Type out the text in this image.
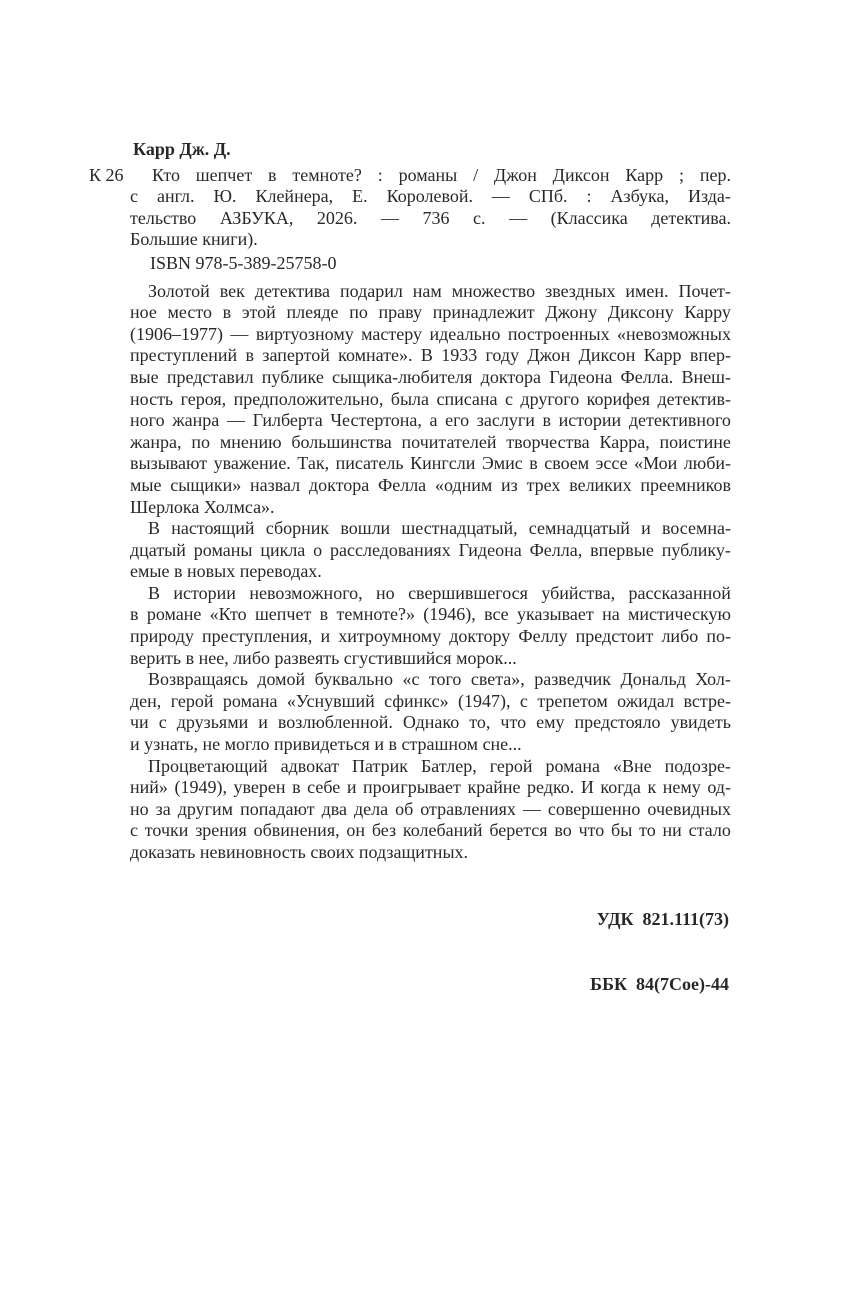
Карр Дж. Д.
К 26 Кто шепчет в темноте? : романы / Джон Диксон Карр ; пер.
с англ. Ю. Клейнера, Е. Королевой. — СПб. : Азбука, Изда-
тельство АЗБУКА, 2026. — 736 с. — (Классика детектива.
Большие книги).
ISBN 978-5-389-25758-0
Золотой век детектива подарил нам множество звездных имен. Почет-
ное место в этой плеяде по праву принадлежит Джону Диксону Карру
(1906–1977) — виртуозному мастеру идеально построенных «невозможных
преступлений в запертой комнате». В 1933 году Джон Диксон Карр впер-
вые представил публике сыщика-любителя доктора Гидеона Фелла. Внеш-
ность героя, предположительно, была списана с другого корифея детектив-
ного жанра — Гилберта Честертона, а его заслуги в истории детективного
жанра, по мнению большинства почитателей творчества Карра, поистине
вызывают уважение. Так, писатель Кингсли Эмис в своем эссе «Мои люби-
мые сыщики» назвал доктора Фелла «одним из трех великих преемников
Шерлока Холмса».
В настоящий сборник вошли шестнадцатый, семнадцатый и восемна-
дцатый романы цикла о расследованиях Гидеона Фелла, впервые публику-
емые в новых переводах.
В истории невозможного, но свершившегося убийства, рассказанной
в романе «Кто шепчет в темноте?» (1946), все указывает на мистическую
природу преступления, и хитроумному доктору Феллу предстоит либо по-
верить в нее, либо развеять сгустившийся морок...
Возвращаясь домой буквально «с того света», разведчик Дональд Хол-
ден, герой романа «Уснувший сфинкс» (1947), с трепетом ожидал встре-
чи с друзьями и возлюбленной. Однако то, что ему предстояло увидеть
и узнать, не могло привидеться и в страшном сне...
Процветающий адвокат Патрик Батлер, герой романа «Вне подозре-
ний» (1949), уверен в себе и проигрывает крайне редко. И когда к нему од-
но за другим попадают два дела об отравлениях — совершенно очевидных
с точки зрения обвинения, он без колебаний берется во что бы то ни стало
доказать невиновность своих подзащитных.

УДК  821.111(73)

ББК  84(7Сое)-44
